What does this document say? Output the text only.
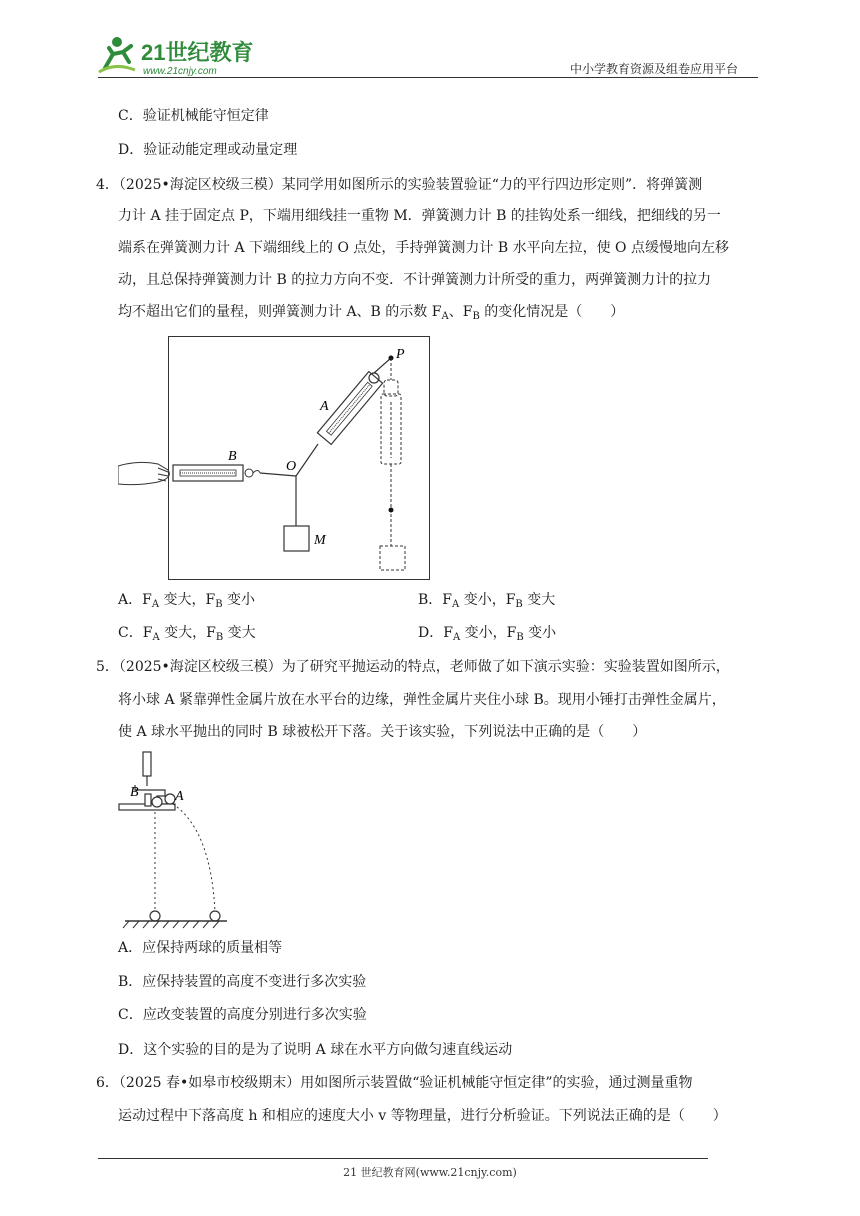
21世纪教育
www.21cnjy.com	中小学教育资源及组卷应用平台
C．验证机械能守恒定律
D．验证动能定理或动量定理
4．（2025•海淀区校级三模）某同学用如图所示的实验装置验证“力的平行四边形定则”．将弹簧测
力计 A 挂于固定点 P，下端用细线挂一重物 M．弹簧测力计 B 的挂钩处系一细线，把细线的另一
端系在弹簧测力计 A 下端细线上的 O 点处，手持弹簧测力计 B 水平向左拉，使 O 点缓慢地向左移
动，且总保持弹簧测力计 B 的拉力方向不变．不计弹簧测力计所受的重力，两弹簧测力计的拉力
均不超出它们的量程，则弹簧测力计 A、B 的示数 $F_A$、$F_B$ 的变化情况是（　　）
P
A
B
O
M
A．$F_A$ 变大，$F_B$ 变小	B．$F_A$ 变小，$F_B$ 变大
C．$F_A$ 变大，$F_B$ 变大	D．$F_A$ 变小，$F_B$ 变小
5．（2025•海淀区校级三模）为了研究平抛运动的特点，老师做了如下演示实验：实验装置如图所示，
将小球 A 紧靠弹性金属片放在水平台的边缘，弹性金属片夹住小球 B。现用小锤打击弹性金属片，
使 A 球水平抛出的同时 B 球被松开下落。关于该实验，下列说法中正确的是（　　）
B	A
A．应保持两球的质量相等
B．应保持装置的高度不变进行多次实验
C．应改变装置的高度分别进行多次实验
D．这个实验的目的是为了说明 A 球在水平方向做匀速直线运动
6．（2025 春•如皋市校级期末）用如图所示装置做“验证机械能守恒定律”的实验，通过测量重物
运动过程中下落高度 h 和相应的速度大小 v 等物理量，进行分析验证。下列说法正确的是（　　）
21 世纪教育网(www.21cnjy.com)
